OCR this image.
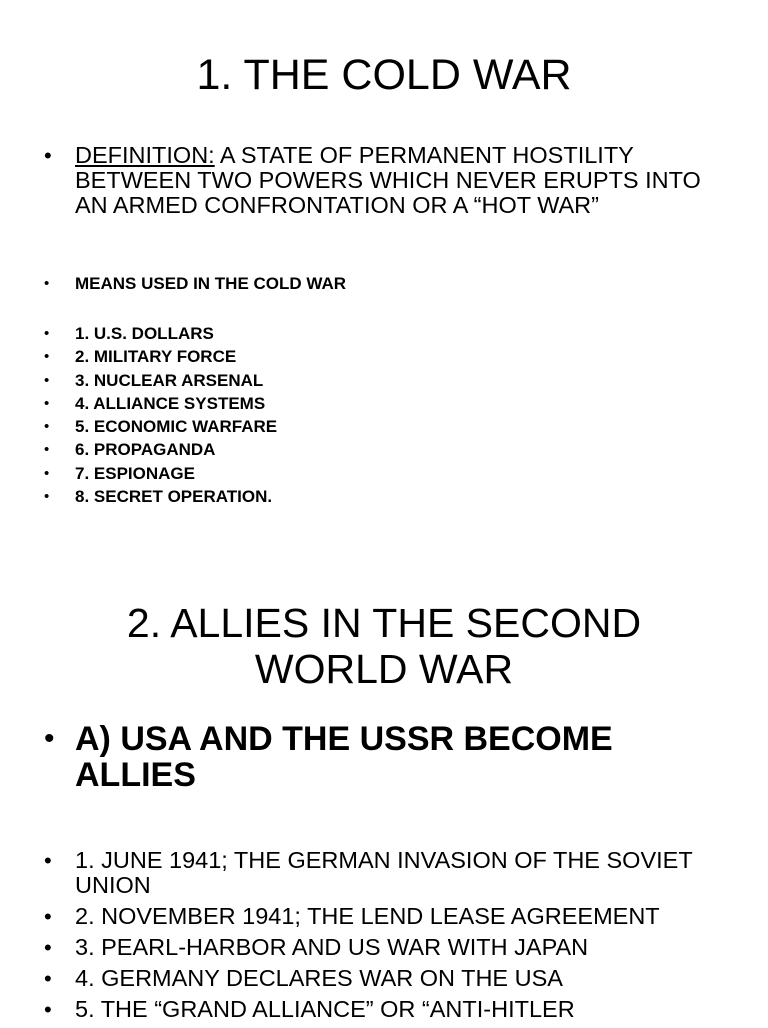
1. THE COLD WAR
• DEFINITION: A STATE OF PERMANENT HOSTILITY BETWEEN TWO POWERS WHICH NEVER ERUPTS INTO AN ARMED CONFRONTATION OR A “HOT WAR”
• MEANS USED IN THE COLD WAR
• 1. U.S. DOLLARS
• 2. MILITARY FORCE
• 3. NUCLEAR ARSENAL
• 4. ALLIANCE SYSTEMS
• 5. ECONOMIC WARFARE
• 6. PROPAGANDA
• 7. ESPIONAGE
• 8. SECRET OPERATION.
2. ALLIES IN THE SECOND
WORLD WAR
• A) USA AND THE USSR BECOME ALLIES
• 1. JUNE 1941; THE GERMAN INVASION OF THE SOVIET UNION
• 2. NOVEMBER 1941; THE LEND LEASE AGREEMENT
• 3. PEARL-HARBOR AND US WAR WITH JAPAN
• 4. GERMANY DECLARES WAR ON THE USA
• 5. THE “GRAND ALLIANCE” OR “ANTI-HITLER
